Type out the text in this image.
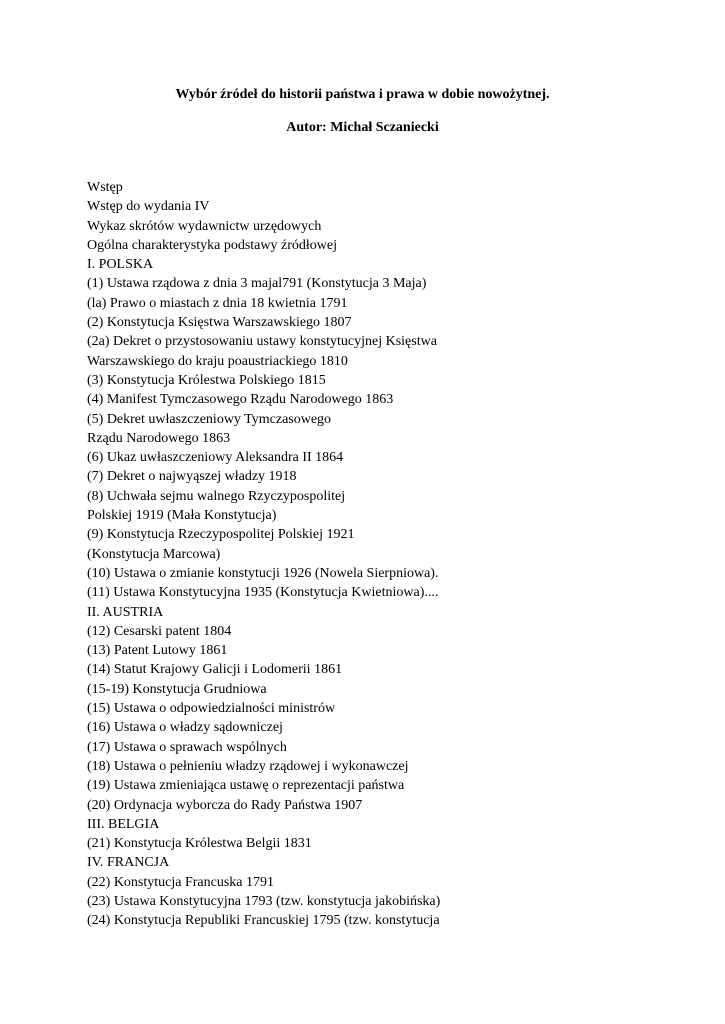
Wybór źródeł do historii państwa i prawa w dobie nowożytnej.

Autor: Michał Sczaniecki

Wstęp
Wstęp do wydania IV
Wykaz skrótów wydawnictw urzędowych
Ogólna charakterystyka podstawy źródłowej
I. POLSKA
(1) Ustawa rządowa z dnia 3 majal791 (Konstytucja 3 Maja)
(la) Prawo o miastach z dnia 18 kwietnia 1791
(2) Konstytucja Księstwa Warszawskiego 1807
(2a) Dekret o przystosowaniu ustawy konstytucyjnej Księstwa
Warszawskiego do kraju poaustriackiego 1810
(3) Konstytucja Królestwa Polskiego 1815
(4) Manifest Tymczasowego Rządu Narodowego 1863
(5) Dekret uwłaszczeniowy Tymczasowego
Rządu Narodowego 1863
(6) Ukaz uwłaszczeniowy Aleksandra II 1864
(7) Dekret o najwyąszej władzy 1918
(8) Uchwała sejmu walnego Rzyczypospolitej
Polskiej 1919 (Mała Konstytucja)
(9) Konstytucja Rzeczypospolitej Polskiej 1921
(Konstytucja Marcowa)
(10) Ustawa o zmianie konstytucji 1926 (Nowela Sierpniowa).
(11) Ustawa Konstytucyjna 1935 (Konstytucja Kwietniowa)....
II. AUSTRIA
(12) Cesarski patent 1804
(13) Patent Lutowy 1861
(14) Statut Krajowy Galicji i Lodomerii 1861
(15-19) Konstytucja Grudniowa
(15) Ustawa o odpowiedzialności ministrów
(16) Ustawa o władzy sądowniczej
(17) Ustawa o sprawach wspólnych
(18) Ustawa o pełnieniu władzy rządowej i wykonawczej
(19) Ustawa zmieniająca ustawę o reprezentacji państwa
(20) Ordynacja wyborcza do Rady Państwa 1907
III. BELGIA
(21) Konstytucja Królestwa Belgii 1831
IV. FRANCJA
(22) Konstytucja Francuska 1791
(23) Ustawa Konstytucyjna 1793 (tzw. konstytucja jakobińska)
(24) Konstytucja Republiki Francuskiej 1795 (tzw. konstytucja
